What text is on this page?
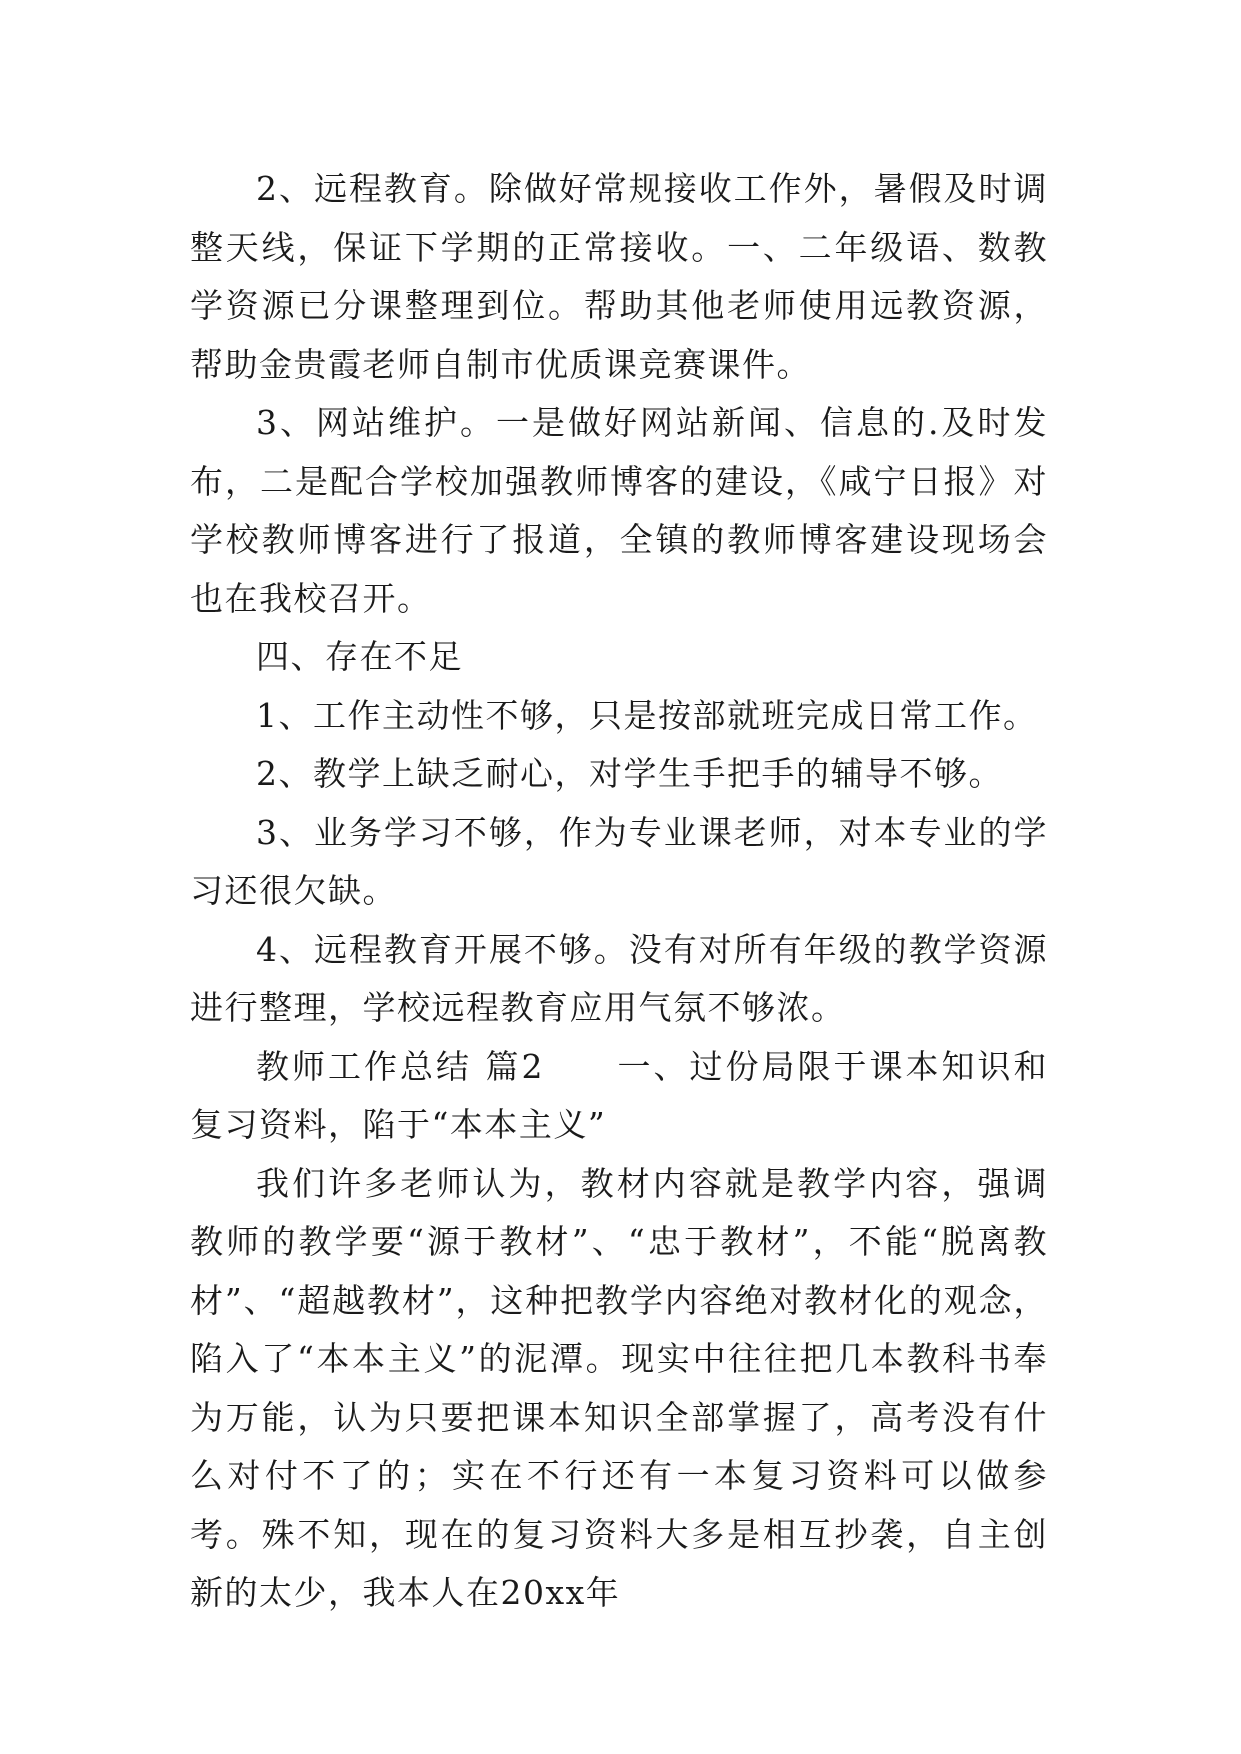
2、远程教育。除做好常规接收工作外，暑假及时调整天线，保证下学期的正常接收。一、二年级语、数教学资源已分课整理到位。帮助其他老师使用远教资源，帮助金贵霞老师自制市优质课竞赛课件。

3、网站维护。一是做好网站新闻、信息的.及时发布，二是配合学校加强教师博客的建设，《咸宁日报》对学校教师博客进行了报道，全镇的教师博客建设现场会也在我校召开。

四、存在不足

1、工作主动性不够，只是按部就班完成日常工作。

2、教学上缺乏耐心，对学生手把手的辅导不够。

3、业务学习不够，作为专业课老师，对本专业的学习还很欠缺。

4、远程教育开展不够。没有对所有年级的教学资源进行整理，学校远程教育应用气氛不够浓。

教师工作总结 篇2　　一、过份局限于课本知识和复习资料，陷于“本本主义”

我们许多老师认为，教材内容就是教学内容，强调教师的教学要“源于教材”、“忠于教材”，不能“脱离教材”、“超越教材”，这种把教学内容绝对教材化的观念，陷入了“本本主义”的泥潭。现实中往往把几本教科书奉为万能，认为只要把课本知识全部掌握了，高考没有什么对付不了的；实在不行还有一本复习资料可以做参考。殊不知，现在的复习资料大多是相互抄袭，自主创新的太少，我本人在20xx年
